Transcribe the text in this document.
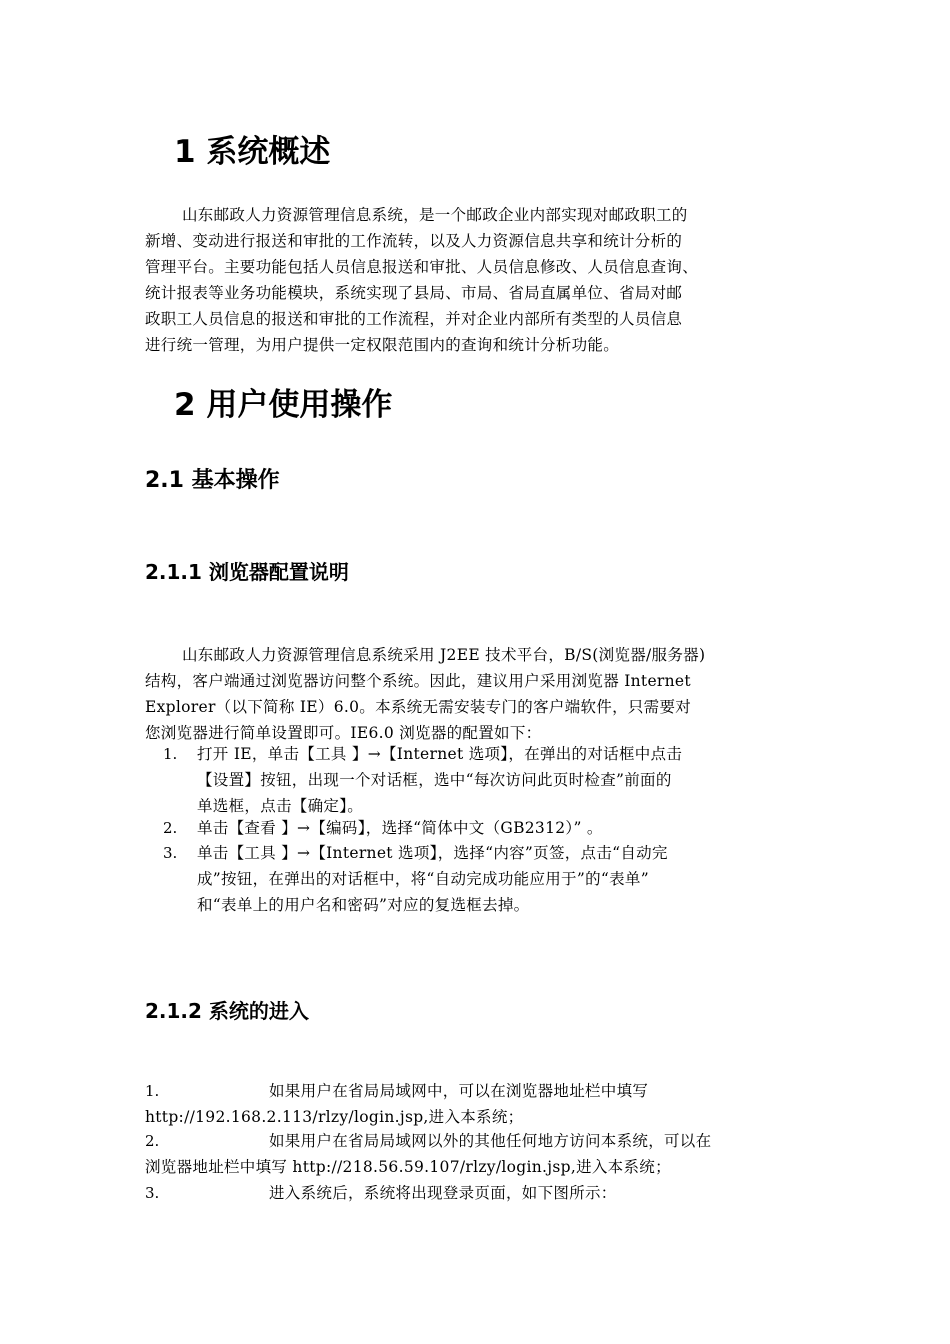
1 系统概述
山东邮政人力资源管理信息系统，是一个邮政企业内部实现对邮政职工的
新增、变动进行报送和审批的工作流转，以及人力资源信息共享和统计分析的
管理平台。主要功能包括人员信息报送和审批、人员信息修改、人员信息查询、
统计报表等业务功能模块，系统实现了县局、市局、省局直属单位、省局对邮
政职工人员信息的报送和审批的工作流程，并对企业内部所有类型的人员信息
进行统一管理，为用户提供一定权限范围内的查询和统计分析功能。
2 用户使用操作
2.1 基本操作
2.1.1 浏览器配置说明
山东邮政人力资源管理信息系统采用 J2EE 技术平台，B/S(浏览器/服务器)
结构，客户端通过浏览器访问整个系统。因此，建议用户采用浏览器 Internet
Explorer（以下简称 IE）6.0。本系统无需安装专门的客户端软件，只需要对
您浏览器进行简单设置即可。IE6.0 浏览器的配置如下：
1. 打开 IE，单击【工具 】→【Internet 选项】，在弹出的对话框中点击
【设置】按钮，出现一个对话框，选中“每次访问此页时检查”前面的
单选框，点击【确定】。
2. 单击【查看 】→【编码】，选择“简体中文（GB2312）” 。
3. 单击【工具 】→【Internet 选项】，选择“内容”页签，点击“自动完
成”按钮，在弹出的对话框中，将“自动完成功能应用于”的“表单”
和“表单上的用户名和密码”对应的复选框去掉。
2.1.2 系统的进入
1.	如果用户在省局局域网中，可以在浏览器地址栏中填写
http://192.168.2.113/rlzy/login.jsp,进入本系统；
2.	如果用户在省局局域网以外的其他任何地方访问本系统，可以在
浏览器地址栏中填写 http://218.56.59.107/rlzy/login.jsp,进入本系统；
3.	进入系统后，系统将出现登录页面，如下图所示：
